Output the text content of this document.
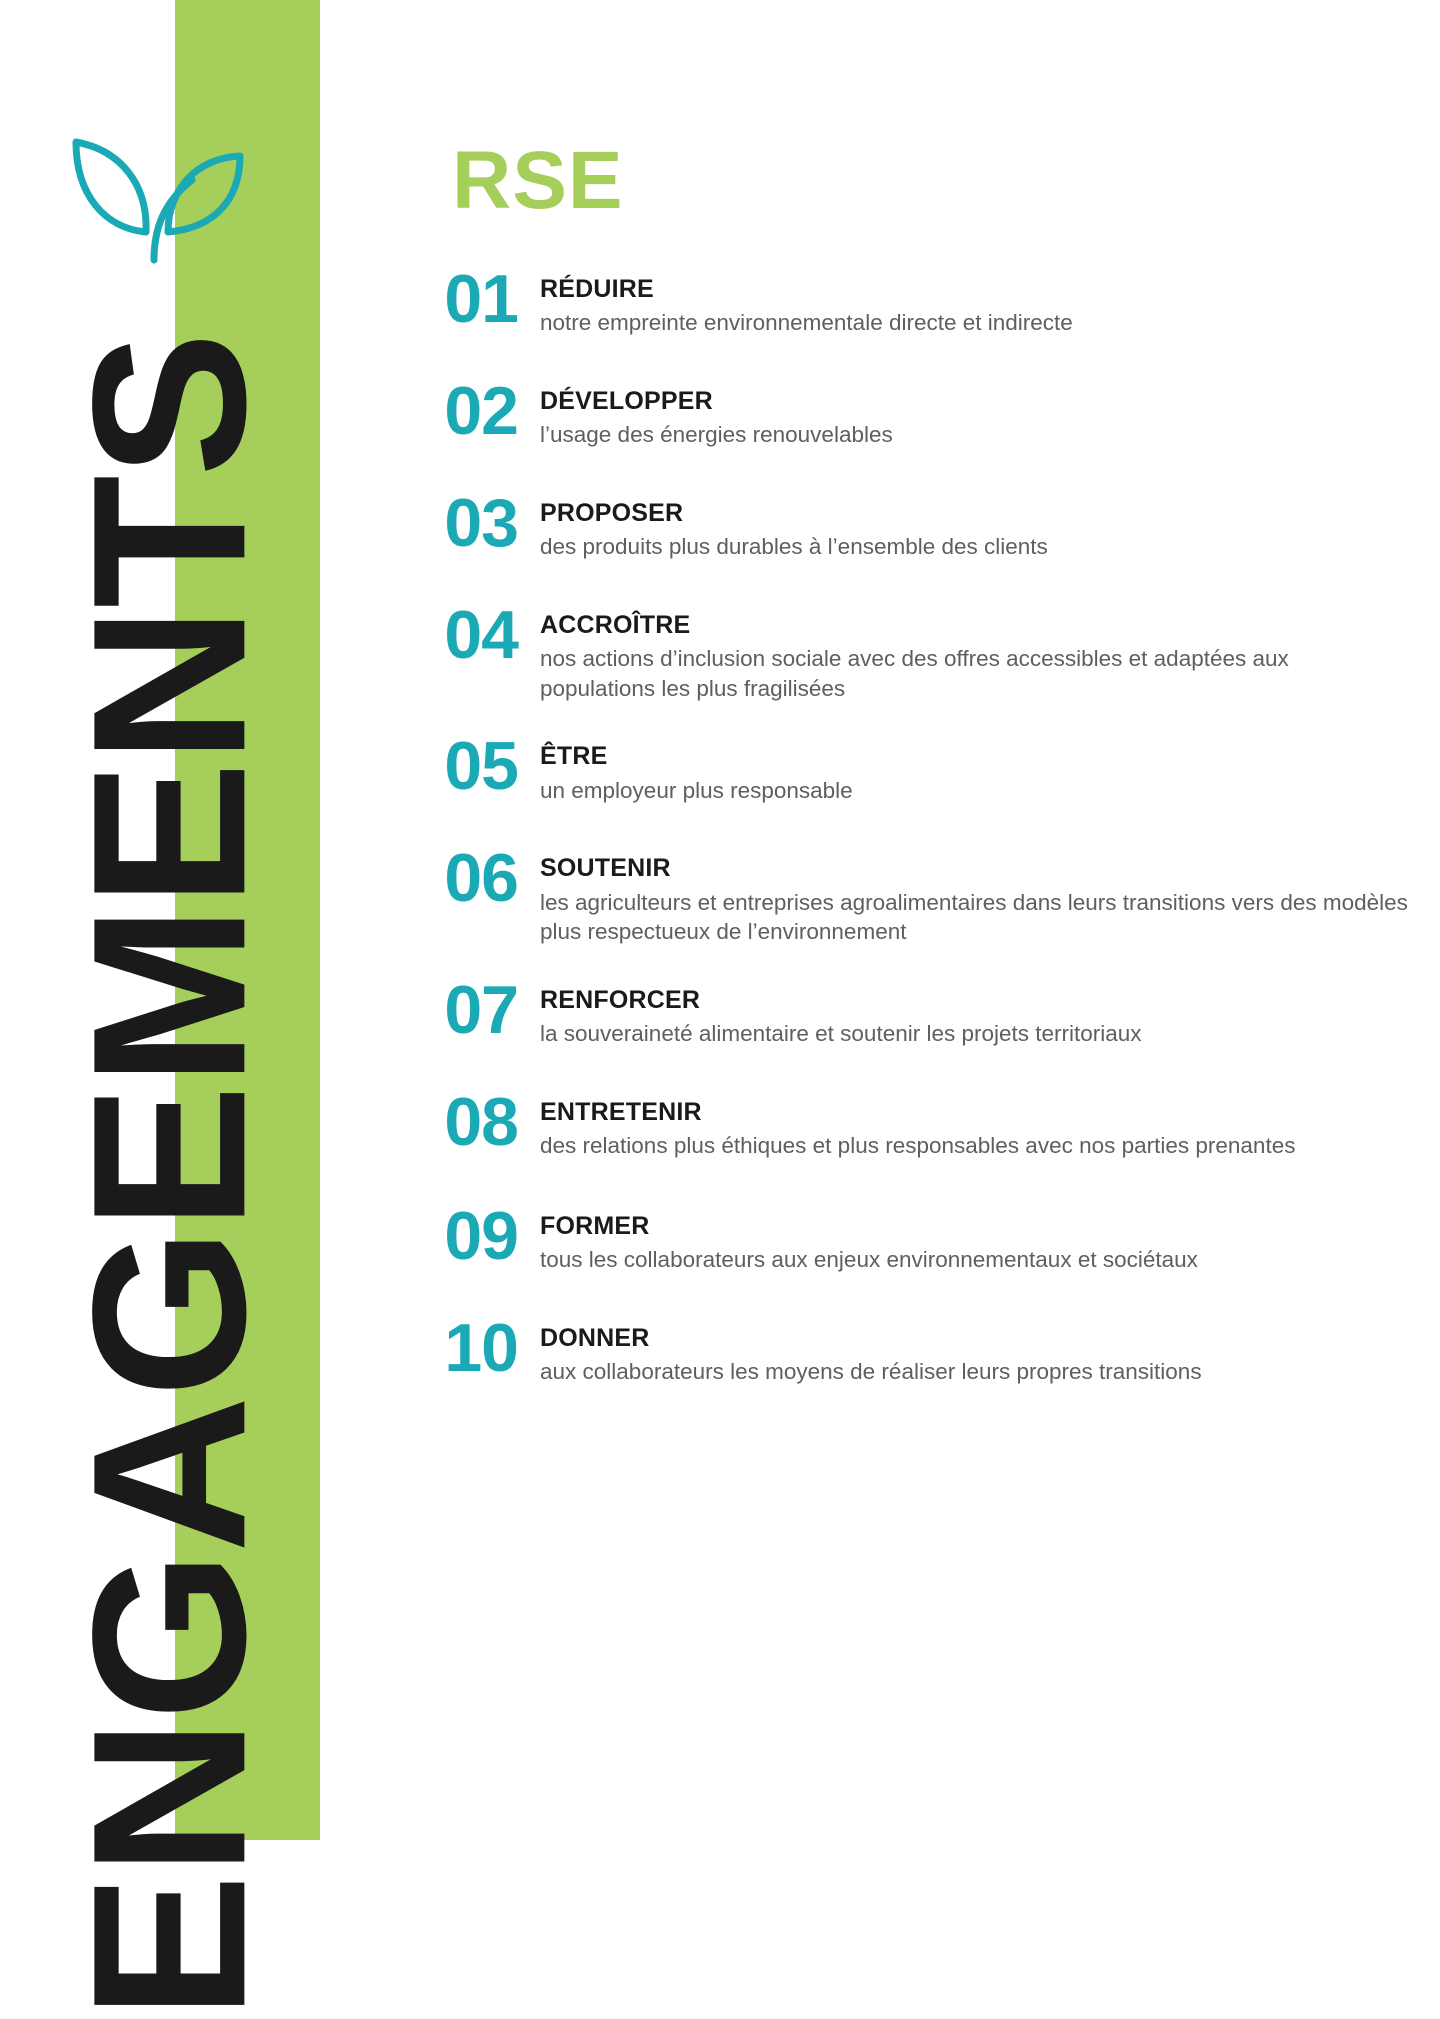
ENGAGEMENTS
RSE
01 RÉDUIRE
notre empreinte environnementale directe et indirecte
02 DÉVELOPPER
l’usage des énergies renouvelables
03 PROPOSER
des produits plus durables à l’ensemble des clients
04 ACCROÎTRE
nos actions d’inclusion sociale avec des offres accessibles et adaptées aux populations les plus fragilisées
05 ÊTRE
un employeur plus responsable
06 SOUTENIR
les agriculteurs et entreprises agroalimentaires dans leurs transitions vers des modèles plus respectueux de l’environnement
07 RENFORCER
la souveraineté alimentaire et soutenir les projets territoriaux
08 ENTRETENIR
des relations plus éthiques et plus responsables avec nos parties prenantes
09 FORMER
tous les collaborateurs aux enjeux environnementaux et sociétaux
10 DONNER
aux collaborateurs les moyens de réaliser leurs propres transitions
